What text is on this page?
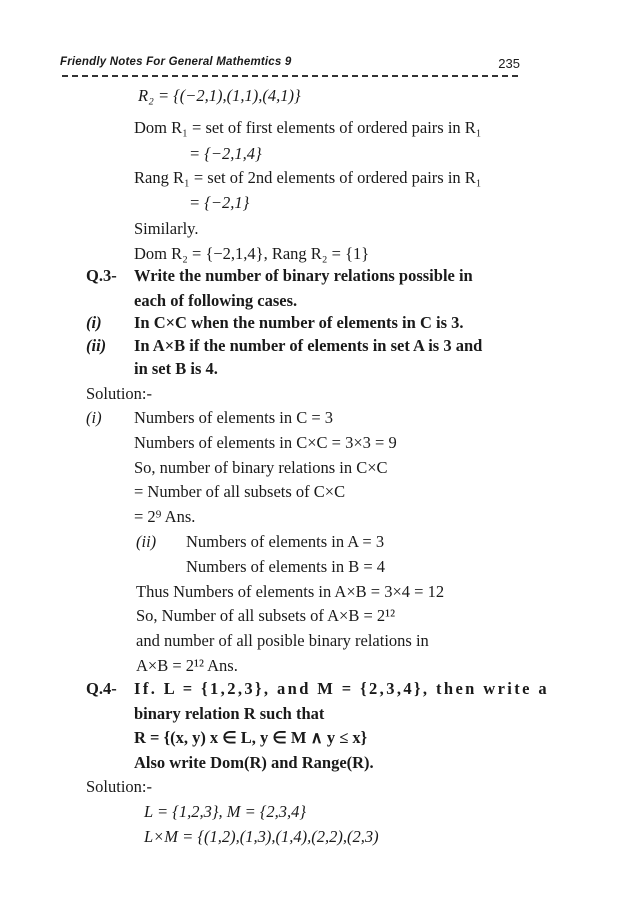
Friendly Notes For General Mathemtics 9	235
R₂ = {(−2,1),(1,1),(4,1)}
Dom R₁ = set of first elements of ordered pairs in R₁
= {−2,1,4}
Rang R₁ = set of 2nd elements of ordered pairs in R₁
= {−2,1}
Similarly.
Dom R₂ = {−2,1,4}, Rang R₂ = {1}
Q.3- Write the number of binary relations possible in
each of following cases.
(i) In C×C when the number of elements in C is 3.
(ii) In A×B if the number of elements in set A is 3 and
in set B is 4.
Solution:-
(i) Numbers of elements in C = 3
Numbers of elements in C×C = 3×3 = 9
So, number of binary relations in C×C
= Number of all subsets of C×C
= 2⁹ Ans.
(ii) Numbers of elements in A = 3
Numbers of elements in B = 4
Thus Numbers of elements in A×B = 3×4 = 12
So, Number of all subsets of A×B = 2¹²
and number of all posible binary relations in
A×B = 2¹² Ans.
Q.4- If. L = {1,2,3}, and M = {2,3,4}, then write a
binary relation R such that
R = {(x, y) x ∈ L, y ∈ M ∧ y ≤ x}
Also write Dom(R) and Range(R).
Solution:-
L = {1,2,3}, M = {2,3,4}
L×M = {(1,2),(1,3),(1,4),(2,2),(2,3)
